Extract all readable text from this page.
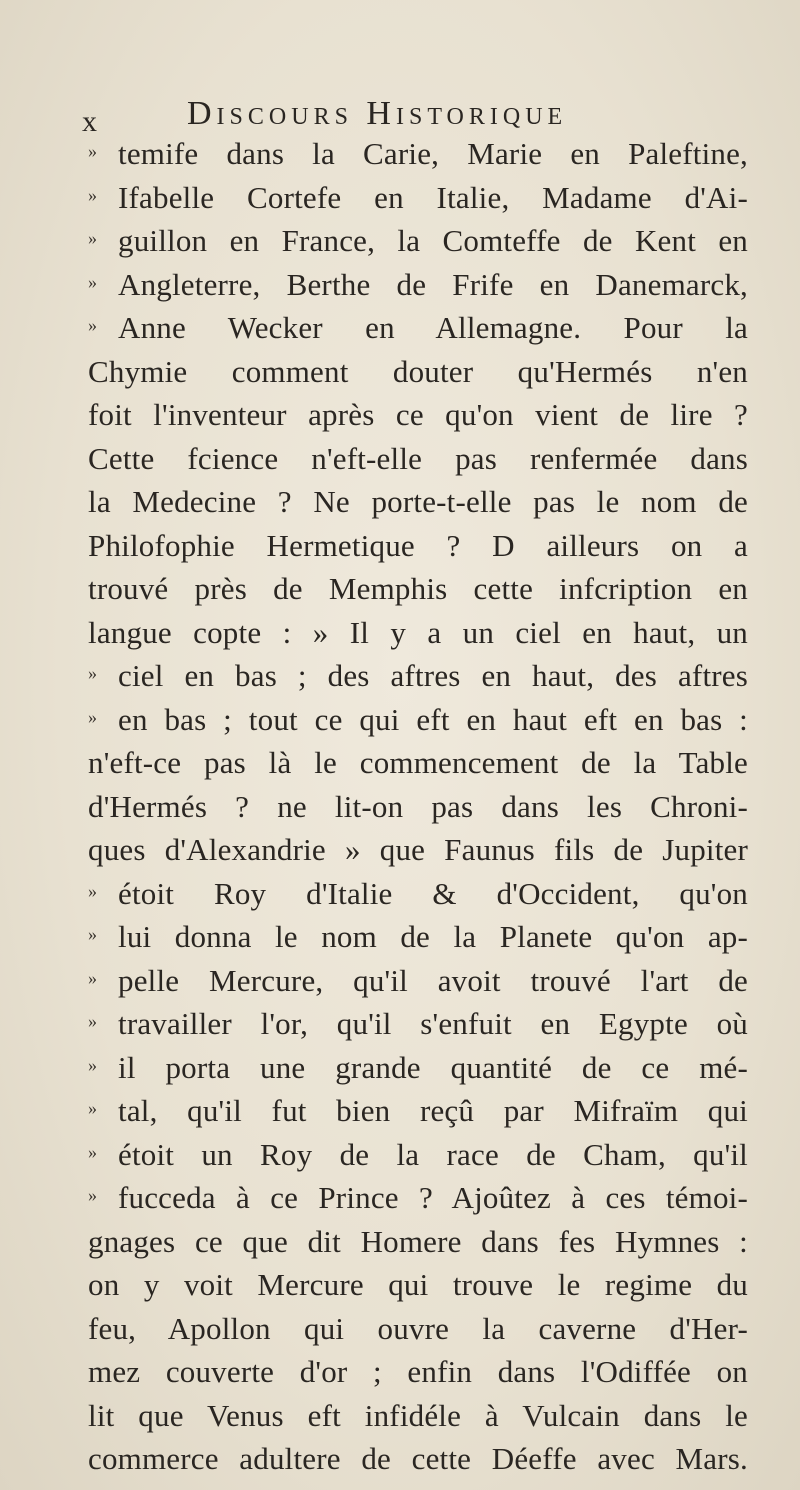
x	Discours Historique
» temife dans la Carie, Marie en Paleftine,
» Ifabelle Cortefe en Italie, Madame d'Ai-
» guillon en France, la Comteffe de Kent en
» Angleterre, Berthe de Frife en Danemarck,
» Anne Wecker en Allemagne. Pour la
Chymie comment douter qu'Hermés n'en
foit l'inventeur après ce qu'on vient de lire ?
Cette fcience n'eft-elle pas renfermée dans
la Medecine ? Ne porte-t-elle pas le nom de
Philofophie Hermetique ? D ailleurs on a
trouvé près de Memphis cette infcription en
langue copte : » Il y a un ciel en haut, un
» ciel en bas ; des aftres en haut, des aftres
» en bas ; tout ce qui eft en haut eft en bas :
n'eft-ce pas là le commencement de la Table
d'Hermés ? ne lit-on pas dans les Chroni-
ques d'Alexandrie » que Faunus fils de Jupiter
» étoit Roy d'Italie & d'Occident, qu'on
» lui donna le nom de la Planete qu'on ap-
» pelle Mercure, qu'il avoit trouvé l'art de
» travailler l'or, qu'il s'enfuit en Egypte où
» il porta une grande quantité de ce mé-
» tal, qu'il fut bien reçû par Mifraïm qui
» étoit un Roy de la race de Cham, qu'il
» fucceda à ce Prince ? Ajoûtez à ces témoi-
gnages ce que dit Homere dans fes Hymnes :
on y voit Mercure qui trouve le regime du
feu, Apollon qui ouvre la caverne d'Her-
mez couverte d'or ; enfin dans l'Odiffée on
lit que Venus eft infidéle à Vulcain dans le
commerce adultere de cette Déeffe avec Mars.
